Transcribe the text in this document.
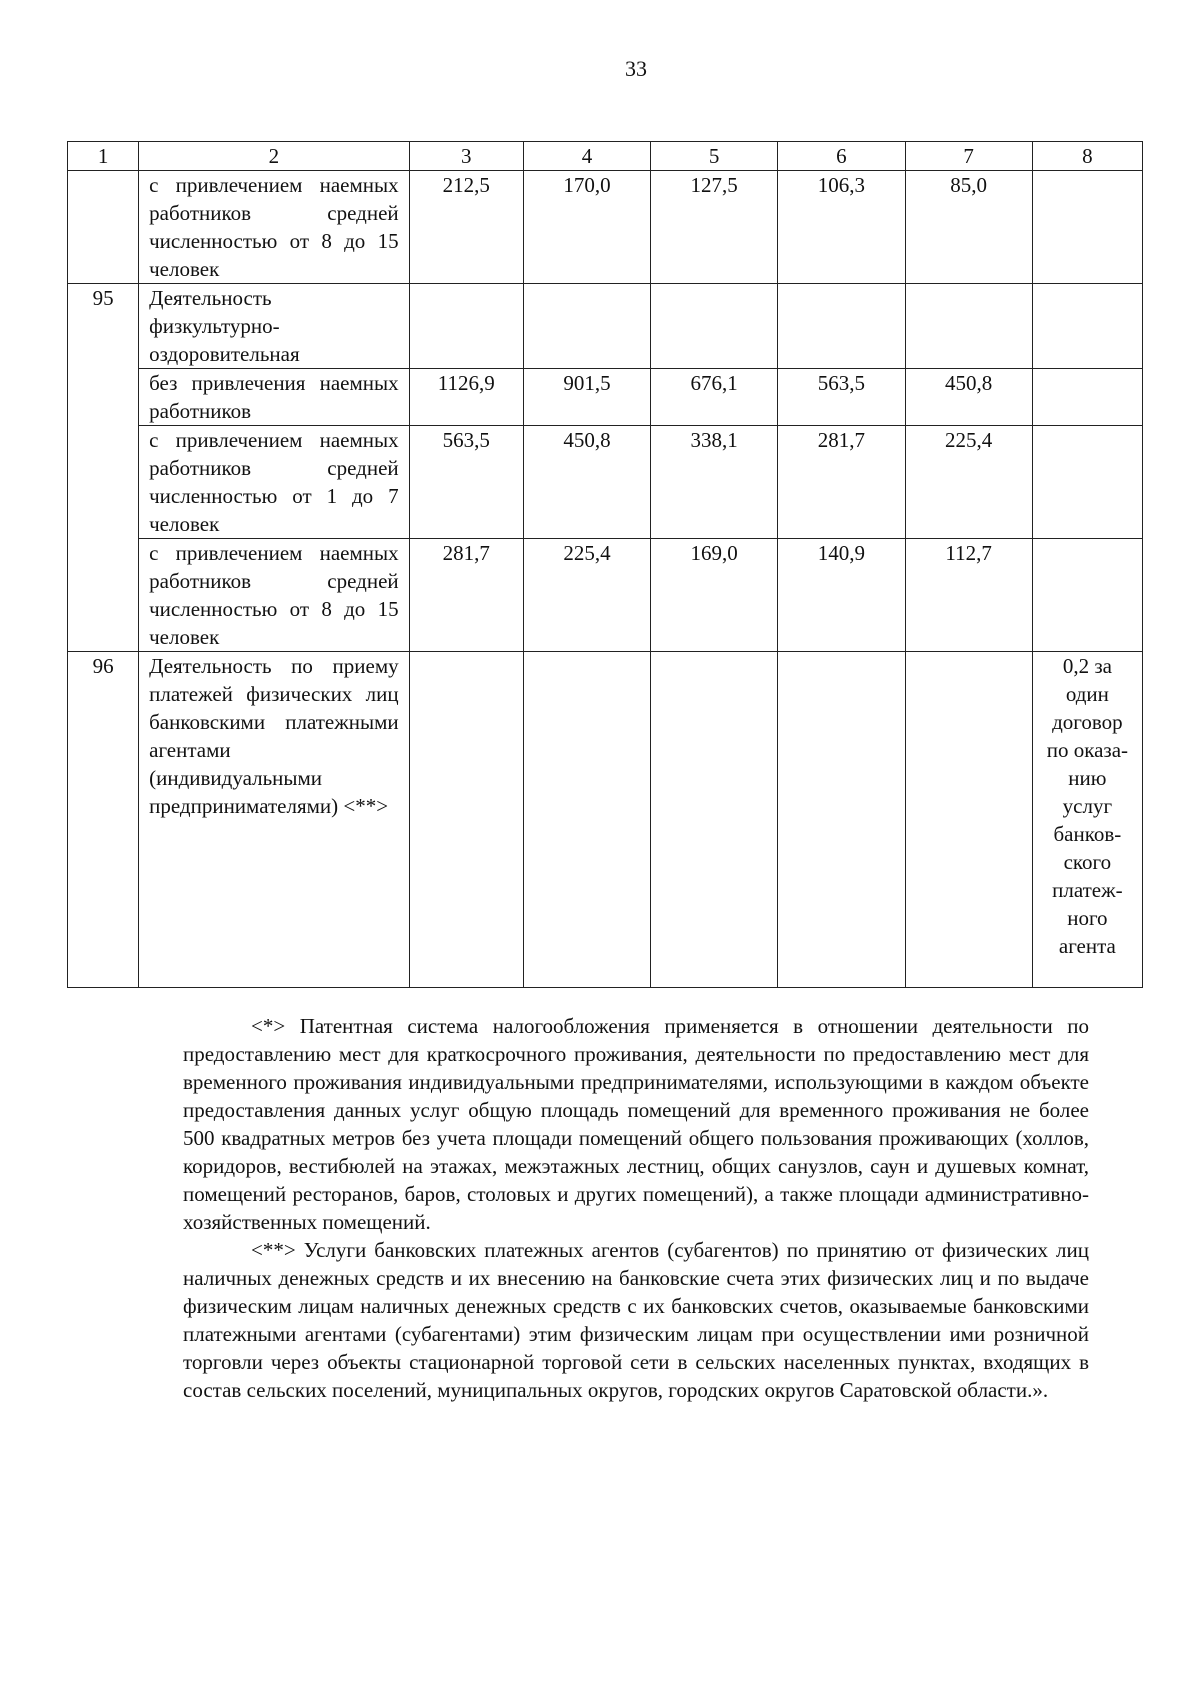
33
1	2	3	4	5	6	7	8
	с привлечением наемных работников средней численностью от 8 до 15 человек	212,5	170,0	127,5	106,3	85,0	
95	Деятельность физкультурно-оздоровительная						
	без привлечения наемных работников	1126,9	901,5	676,1	563,5	450,8	
	с привлечением наемных работников средней численностью от 1 до 7 человек	563,5	450,8	338,1	281,7	225,4	
	с привлечением наемных работников средней численностью от 8 до 15 человек	281,7	225,4	169,0	140,9	112,7	
96	Деятельность по приему платежей физических лиц банковскими платежными агентами (индивидуальными предпринимателями) <**>						0,2 за один договор по оказа-нию услуг банков-ского платеж-ного агента

<*> Патентная система налогообложения применяется в отношении деятельности по предоставлению мест для краткосрочного проживания, деятельности по предоставлению мест для временного проживания индивидуальными предпринимателями, использующими в каждом объекте предоставления данных услуг общую площадь помещений для временного проживания не более 500 квадратных метров без учета площади помещений общего пользования проживающих (холлов, коридоров, вестибюлей на этажах, межэтажных лестниц, общих санузлов, саун и душевых комнат, помещений ресторанов, баров, столовых и других помещений), а также площади административно-хозяйственных помещений.

<**> Услуги банковских платежных агентов (субагентов) по принятию от физических лиц наличных денежных средств и их внесению на банковские счета этих физических лиц и по выдаче физическим лицам наличных денежных средств с их банковских счетов, оказываемые банковскими платежными агентами (субагентами) этим физическим лицам при осуществлении ими розничной торговли через объекты стационарной торговой сети в сельских населенных пунктах, входящих в состав сельских поселений, муниципальных округов, городских округов Саратовской области.».
